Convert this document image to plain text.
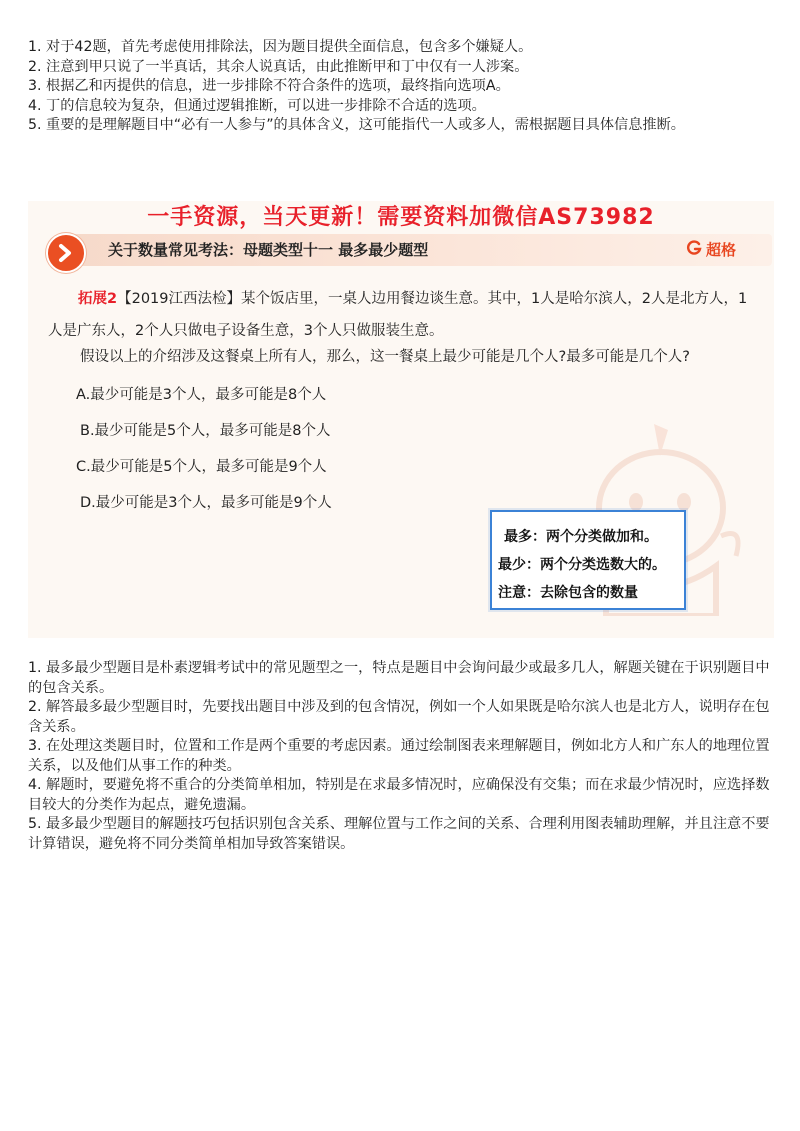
1. 对于42题，首先考虑使用排除法，因为题目提供全面信息，包含多个嫌疑人。

2. 注意到甲只说了一半真话，其余人说真话，由此推断甲和丁中仅有一人涉案。

3. 根据乙和丙提供的信息，进一步排除不符合条件的选项，最终指向选项A。

4. 丁的信息较为复杂，但通过逻辑推断，可以进一步排除不合适的选项。

5. 重要的是理解题目中“必有一人参与”的具体含义，这可能指代一人或多人，需根据题目具体信息推断。

一手资源，当天更新！需要资料加微信AS73982
关于数量常见考法：母题类型十一 最多最少题型	超格

拓展2【2019江西法检】某个饭店里，一桌人边用餐边谈生意。其中，1人是哈尔滨人，2人是北方人，1人是广东人，2个人只做电子设备生意，3个人只做服装生意。

假设以上的介绍涉及这餐桌上所有人，那么，这一餐桌上最少可能是几个人?最多可能是几个人?
A.最少可能是3个人，最多可能是8个人
B.最少可能是5个人，最多可能是8个人
C.最少可能是5个人，最多可能是9个人
D.最少可能是3个人，最多可能是9个人
最多：两个分类做加和。
最少：两个分类选数大的。
注意：去除包含的数量

1. 最多最少型题目是朴素逻辑考试中的常见题型之一，特点是题目中会询问最少或最多几人，解题关键在于识别题目中的包含关系。

2. 解答最多最少型题目时，先要找出题目中涉及到的包含情况，例如一个人如果既是哈尔滨人也是北方人，说明存在包含关系。

3. 在处理这类题目时，位置和工作是两个重要的考虑因素。通过绘制图表来理解题目，例如北方人和广东人的地理位置关系，以及他们从事工作的种类。

4. 解题时，要避免将不重合的分类简单相加，特别是在求最多情况时，应确保没有交集；而在求最少情况时，应选择数目较大的分类作为起点，避免遗漏。

5. 最多最少型题目的解题技巧包括识别包含关系、理解位置与工作之间的关系、合理利用图表辅助理解，并且注意不要计算错误，避免将不同分类简单相加导致答案错误。
